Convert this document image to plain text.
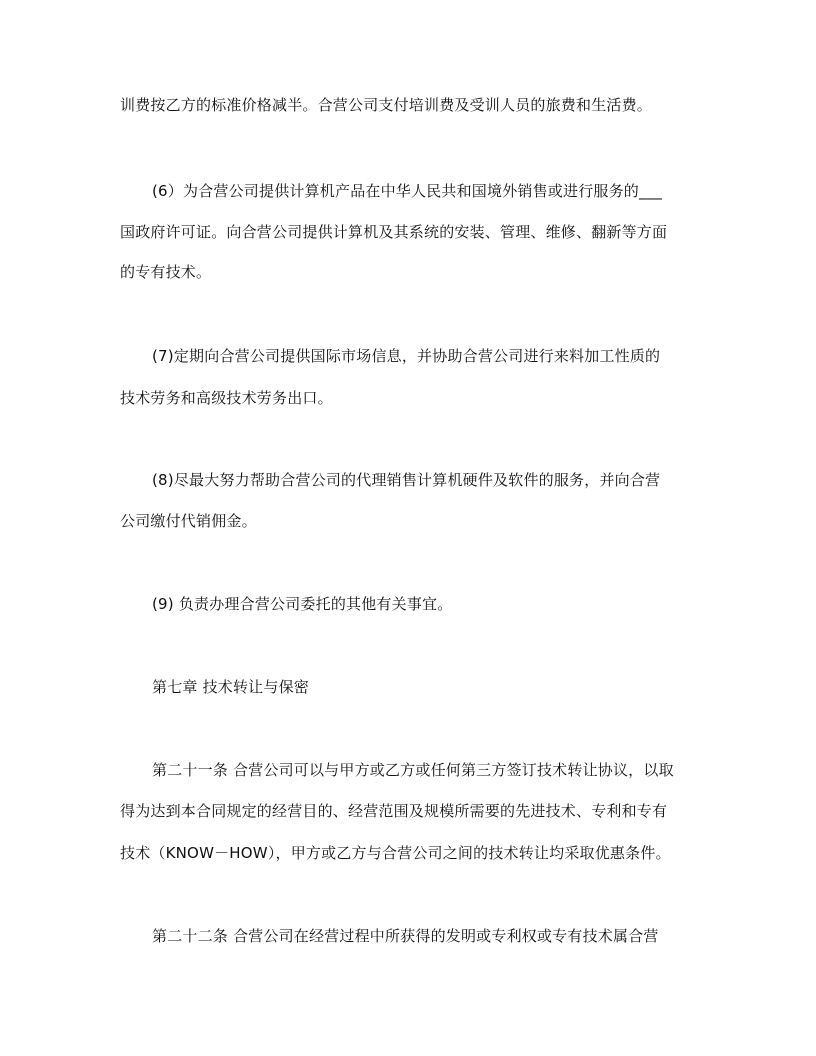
训费按乙方的标准价格减半。合营公司支付培训费及受训人员的旅费和生活费。
(6）为合营公司提供计算机产品在中华人民共和国境外销售或进行服务的___
国政府许可证。向合营公司提供计算机及其系统的安装、管理、维修、翻新等方面
的专有技术。
(7)定期向合营公司提供国际市场信息，并协助合营公司进行来料加工性质的
技术劳务和高级技术劳务出口。
(8)尽最大努力帮助合营公司的代理销售计算机硬件及软件的服务，并向合营
公司缴付代销佣金。
(9) 负责办理合营公司委托的其他有关事宜。
第七章 技术转让与保密
第二十一条 合营公司可以与甲方或乙方或任何第三方签订技术转让协议，以取
得为达到本合同规定的经营目的、经营范围及规模所需要的先进技术、专利和专有
技术（KNOW－HOW），甲方或乙方与合营公司之间的技术转让均采取优惠条件。
第二十二条 合营公司在经营过程中所获得的发明或专利权或专有技术属合营
